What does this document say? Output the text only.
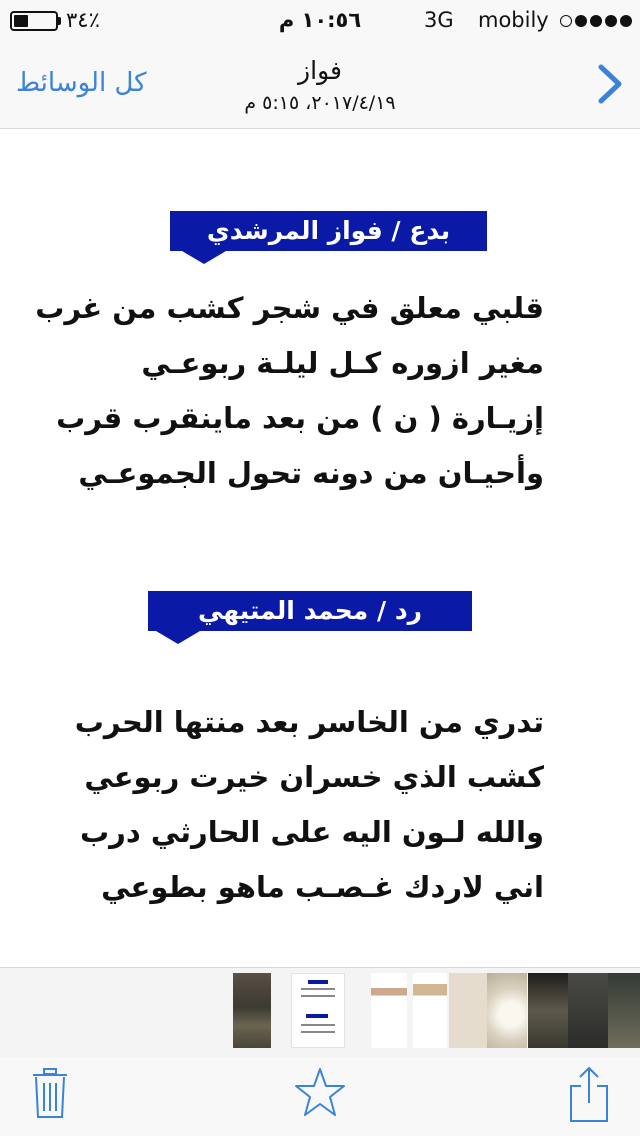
٣٤٪	١٠:٥٦ م	3G mobily
كل الوسائط	فواز
٢٠١٧/٤/١٩، ٥:١٥ م
بدع / فواز المرشدي
قلبي معلق في شجر كشب من غرب
مغير ازوره كـل ليلـة ربوعـي
إزيـارة ( ن ) من بعد ماينقرب قرب
وأحيـان من دونه تحول الجموعـي
رد / محمد المتيهي
تدري من الخاسر بعد منتها الحرب
كشب الذي خسران خيرت ربوعي
والله لـون اليه على الحارثي درب
اني لاردك غـصـب ماهو بطوعي
